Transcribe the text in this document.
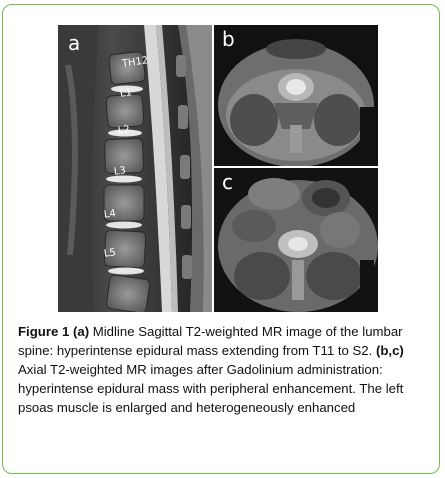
a
TH12
L1
L2
L3
L4
L5
b
c
Figure 1 (a) Midline Sagittal T2-weighted MR image of the lumbar spine: hyperintense epidural mass extending from T11 to S2. (b,c) Axial T2-weighted MR images after Gadolinium administration: hyperintense epidural mass with peripheral enhancement. The left psoas muscle is enlarged and heterogeneously enhanced
